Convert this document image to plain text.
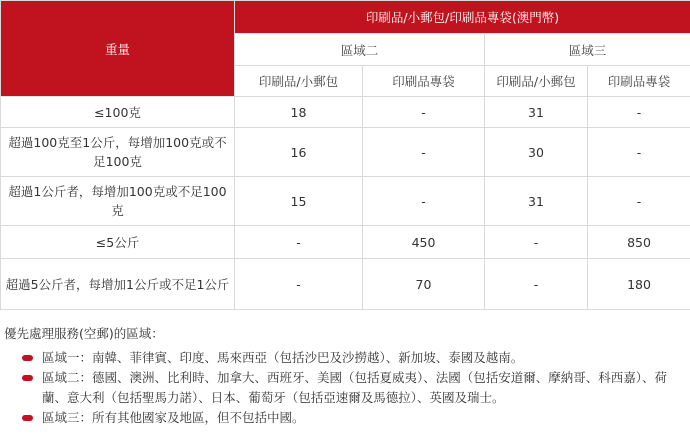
重量	印刷品/小郵包/印刷品專袋(澳門幣)			
	區域二		區域三	
	印刷品/小郵包	印刷品專袋	印刷品/小郵包	印刷品專袋
≤100克	18	-	31	-
超過100克至1公斤，每增加100克或不足100克	16	-	30	-
超過1公斤者，每增加100克或不足100克	15	-	31	-
≤5公斤	-	450	-	850
超過5公斤者，每增加1公斤或不足1公斤	-	70	-	180
優先處理服務(空郵)的區域：
區域一：南韓、菲律賓、印度、馬來西亞（包括沙巴及沙撈越）、新加坡、泰國及越南。
區域二：德國、澳洲、比利時、加拿大、西班牙、美國（包括夏威夷）、法國（包括安道爾、摩納哥、科西嘉）、荷蘭、意大利（包括聖馬力諾）、日本、葡萄牙（包括亞速爾及馬德拉）、英國及瑞士。
區域三：所有其他國家及地區，但不包括中國。
